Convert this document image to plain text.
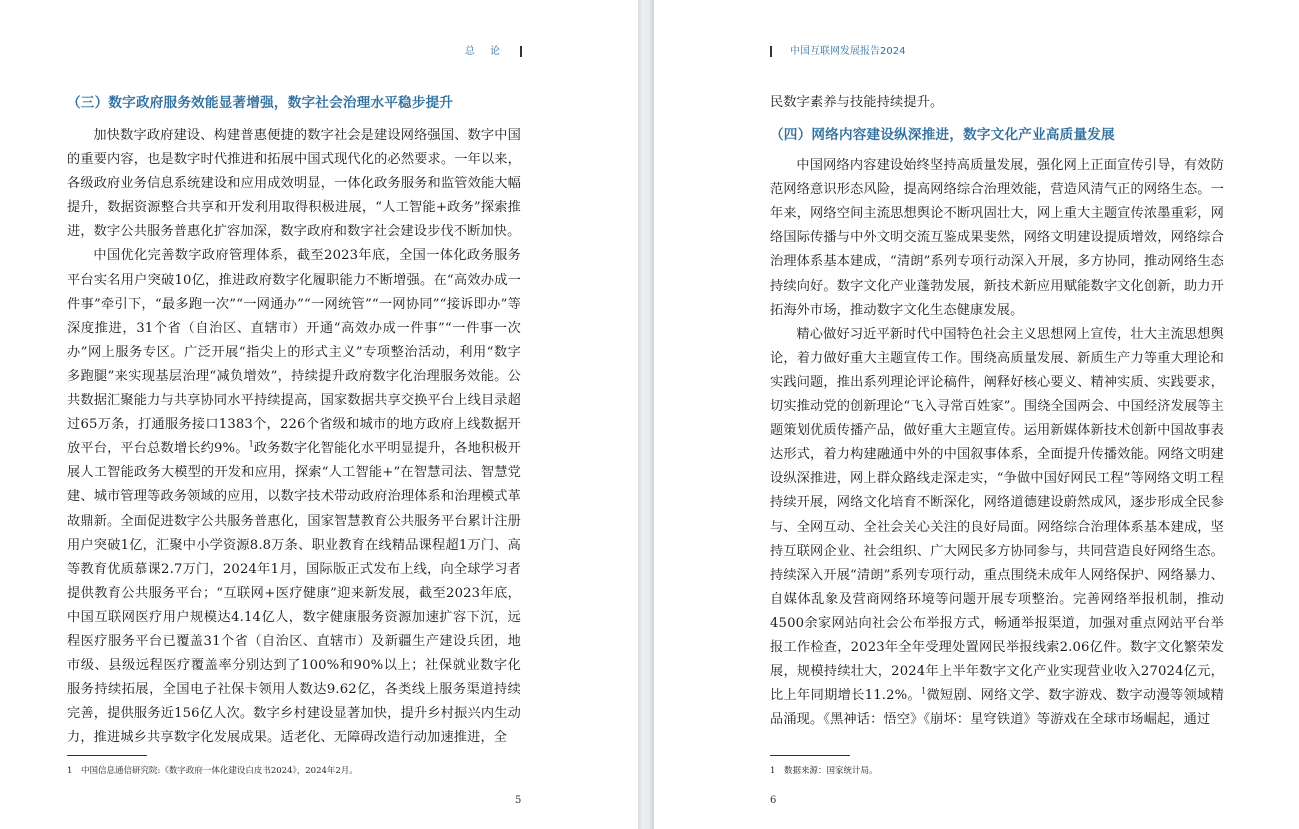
总 论
（三）数字政府服务效能显著增强，数字社会治理水平稳步提升

加快数字政府建设、构建普惠便捷的数字社会是建设网络强国、数字中国的重要内容，也是数字时代推进和拓展中国式现代化的必然要求。一年以来，各级政府业务信息系统建设和应用成效明显，一体化政务服务和监管效能大幅提升，数据资源整合共享和开发利用取得积极进展，“人工智能+政务”探索推进，数字公共服务普惠化扩容加深，数字政府和数字社会建设步伐不断加快。

中国优化完善数字政府管理体系，截至2023年底，全国一体化政务服务平台实名用户突破10亿，推进政府数字化履职能力不断增强。在“高效办成一件事”牵引下，“最多跑一次”“一网通办”“一网统管”“一网协同”“接诉即办”等深度推进，31个省（自治区、直辖市）开通“高效办成一件事”“一件事一次办”网上服务专区。广泛开展“指尖上的形式主义”专项整治活动，利用“数字多跑腿”来实现基层治理“减负增效”，持续提升政府数字化治理服务效能。公共数据汇聚能力与共享协同水平持续提高，国家数据共享交换平台上线目录超过65万条，打通服务接口1383个，226个省级和城市的地方政府上线数据开放平台，平台总数增长约9%。$^1$政务数字化智能化水平明显提升，各地积极开展人工智能政务大模型的开发和应用，探索“人工智能+”在智慧司法、智慧党建、城市管理等政务领域的应用，以数字技术带动政府治理体系和治理模式革故鼎新。全面促进数字公共服务普惠化，国家智慧教育公共服务平台累计注册用户突破1亿，汇聚中小学资源8.8万条、职业教育在线精品课程超1万门、高等教育优质慕课2.7万门，2024年1月，国际版正式发布上线，向全球学习者提供教育公共服务平台；“互联网+医疗健康”迎来新发展，截至2023年底，中国互联网医疗用户规模达4.14亿人，数字健康服务资源加速扩容下沉，远程医疗服务平台已覆盖31个省（自治区、直辖市）及新疆生产建设兵团，地市级、县级远程医疗覆盖率分别达到了100%和90%以上；社保就业数字化服务持续拓展，全国电子社保卡领用人数达9.62亿，各类线上服务渠道持续完善，提供服务近156亿人次。数字乡村建设显著加快，提升乡村振兴内生动力，推进城乡共享数字化发展成果。适老化、无障碍改造行动加速推进，全

1 中国信息通信研究院:《数字政府一体化建设白皮书2024》，2024年2月。
5
中国互联网发展报告2024

民数字素养与技能持续提升。

（四）网络内容建设纵深推进，数字文化产业高质量发展

中国网络内容建设始终坚持高质量发展，强化网上正面宣传引导，有效防范网络意识形态风险，提高网络综合治理效能，营造风清气正的网络生态。一年来，网络空间主流思想舆论不断巩固壮大，网上重大主题宣传浓墨重彩，网络国际传播与中外文明交流互鉴成果斐然，网络文明建设提质增效，网络综合治理体系基本建成，“清朗”系列专项行动深入开展，多方协同，推动网络生态持续向好。数字文化产业蓬勃发展，新技术新应用赋能数字文化创新，助力开拓海外市场，推动数字文化生态健康发展。

精心做好习近平新时代中国特色社会主义思想网上宣传，壮大主流思想舆论，着力做好重大主题宣传工作。围绕高质量发展、新质生产力等重大理论和实践问题，推出系列理论评论稿件，阐释好核心要义、精神实质、实践要求，切实推动党的创新理论“飞入寻常百姓家”。围绕全国两会、中国经济发展等主题策划优质传播产品，做好重大主题宣传。运用新媒体新技术创新中国故事表达形式，着力构建融通中外的中国叙事体系，全面提升传播效能。网络文明建设纵深推进，网上群众路线走深走实，“争做中国好网民工程”等网络文明工程持续开展，网络文化培育不断深化，网络道德建设蔚然成风，逐步形成全民参与、全网互动、全社会关心关注的良好局面。网络综合治理体系基本建成，坚持互联网企业、社会组织、广大网民多方协同参与，共同营造良好网络生态。持续深入开展“清朗”系列专项行动，重点围绕未成年人网络保护、网络暴力、自媒体乱象及营商网络环境等问题开展专项整治。完善网络举报机制，推动4500余家网站向社会公布举报方式，畅通举报渠道，加强对重点网站平台举报工作检查，2023年全年受理处置网民举报线索2.06亿件。数字文化繁荣发展，规模持续壮大，2024年上半年数字文化产业实现营业收入27024亿元，比上年同期增长11.2%。$^1$微短剧、网络文学、数字游戏、数字动漫等领域精品涌现。《黑神话：悟空》《崩坏：星穹铁道》等游戏在全球市场崛起，通过

1 数据来源：国家统计局。
6
